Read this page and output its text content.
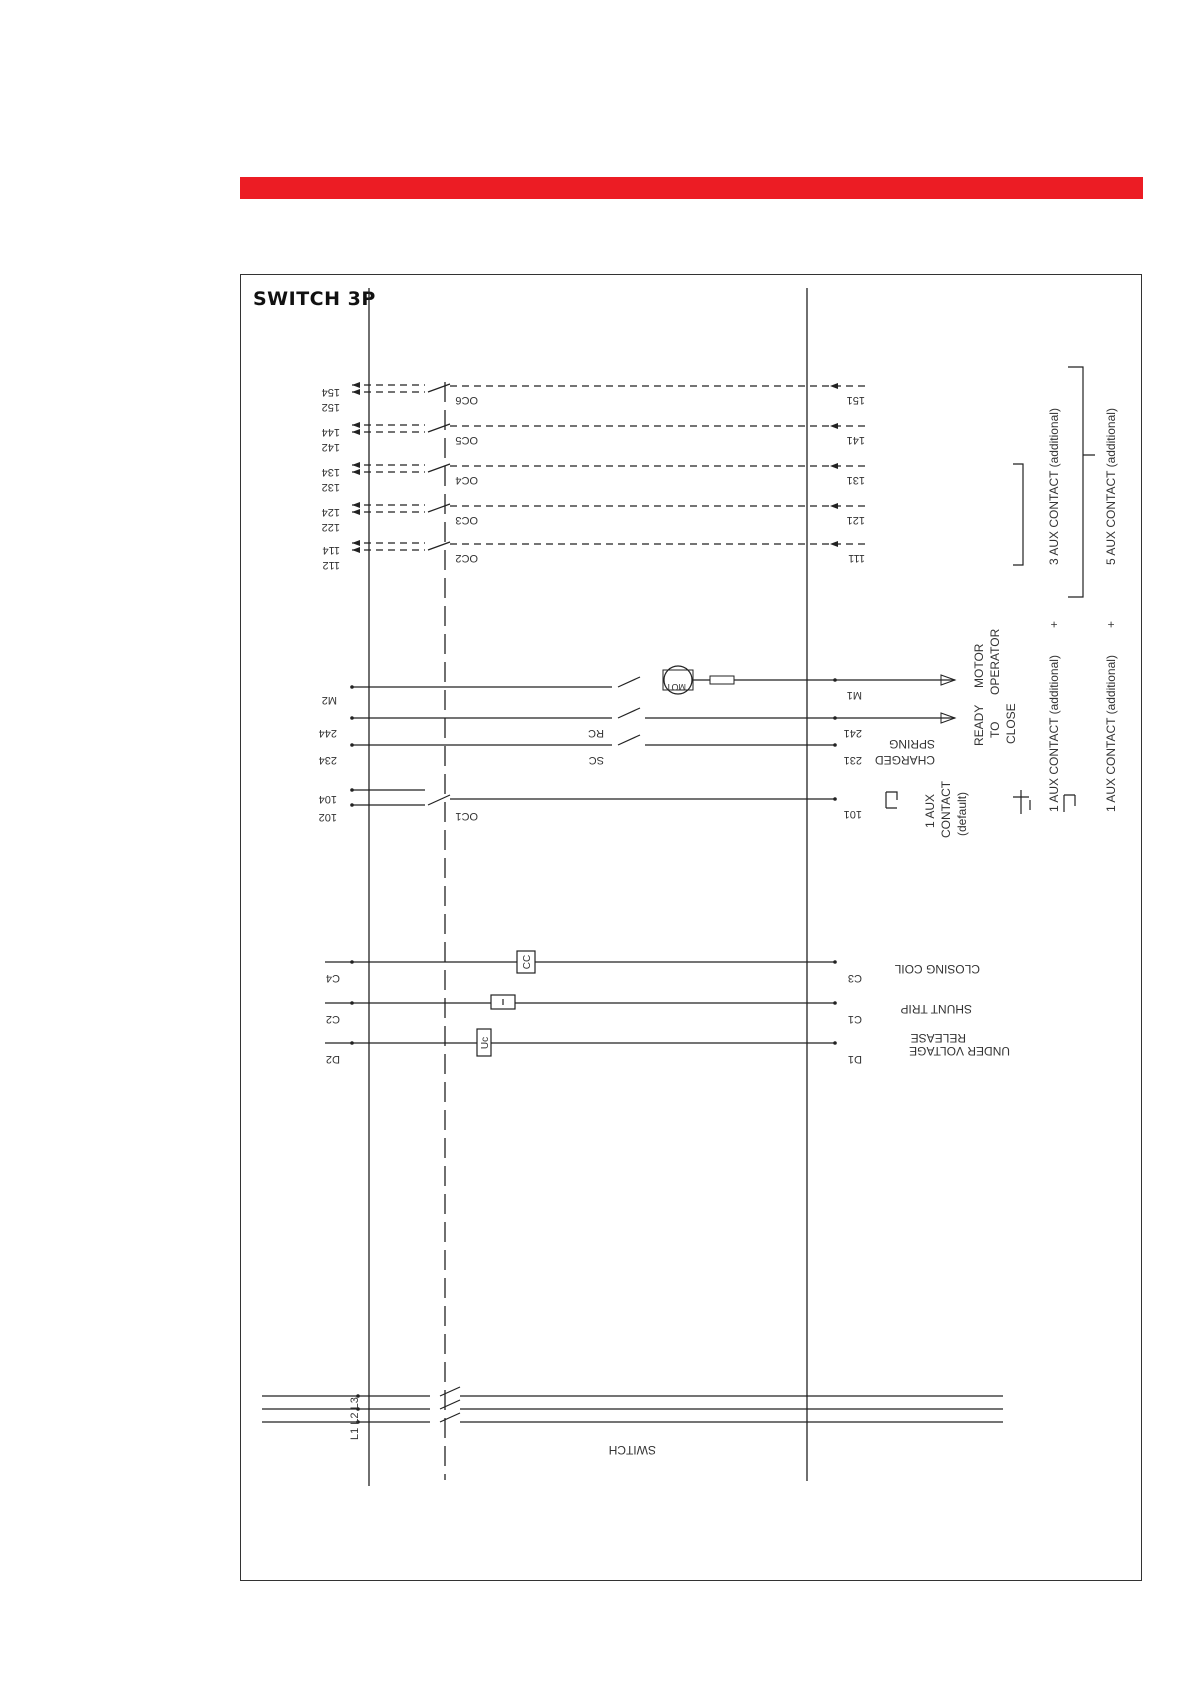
SWITCH 3P
154
152
OC6	151
144
142
OC5	141
134
132
OC4	131
124
122
OC3	121
114
112
OC2	111
MOT
M2	M1
244	RC	241
234	SC	231
104
102	OC1	101
C4	C3
CC
C2	C1
D2	D1
Uc
3 AUX CONTACT (additional)	5 AUX CONTACT (additional)
+	+
1 AUX CONTACT (additional)	1 AUX CONTACT (additional)
MOTOR OPERATOR
READY TO CLOSE
1 AUX CONTACT (default)
SPRING
CHARGED
CLOSING COIL
SHUNT TRIP
UNDER VOLTAGE
RELEASE
SWITCH
L1 L2 L3
